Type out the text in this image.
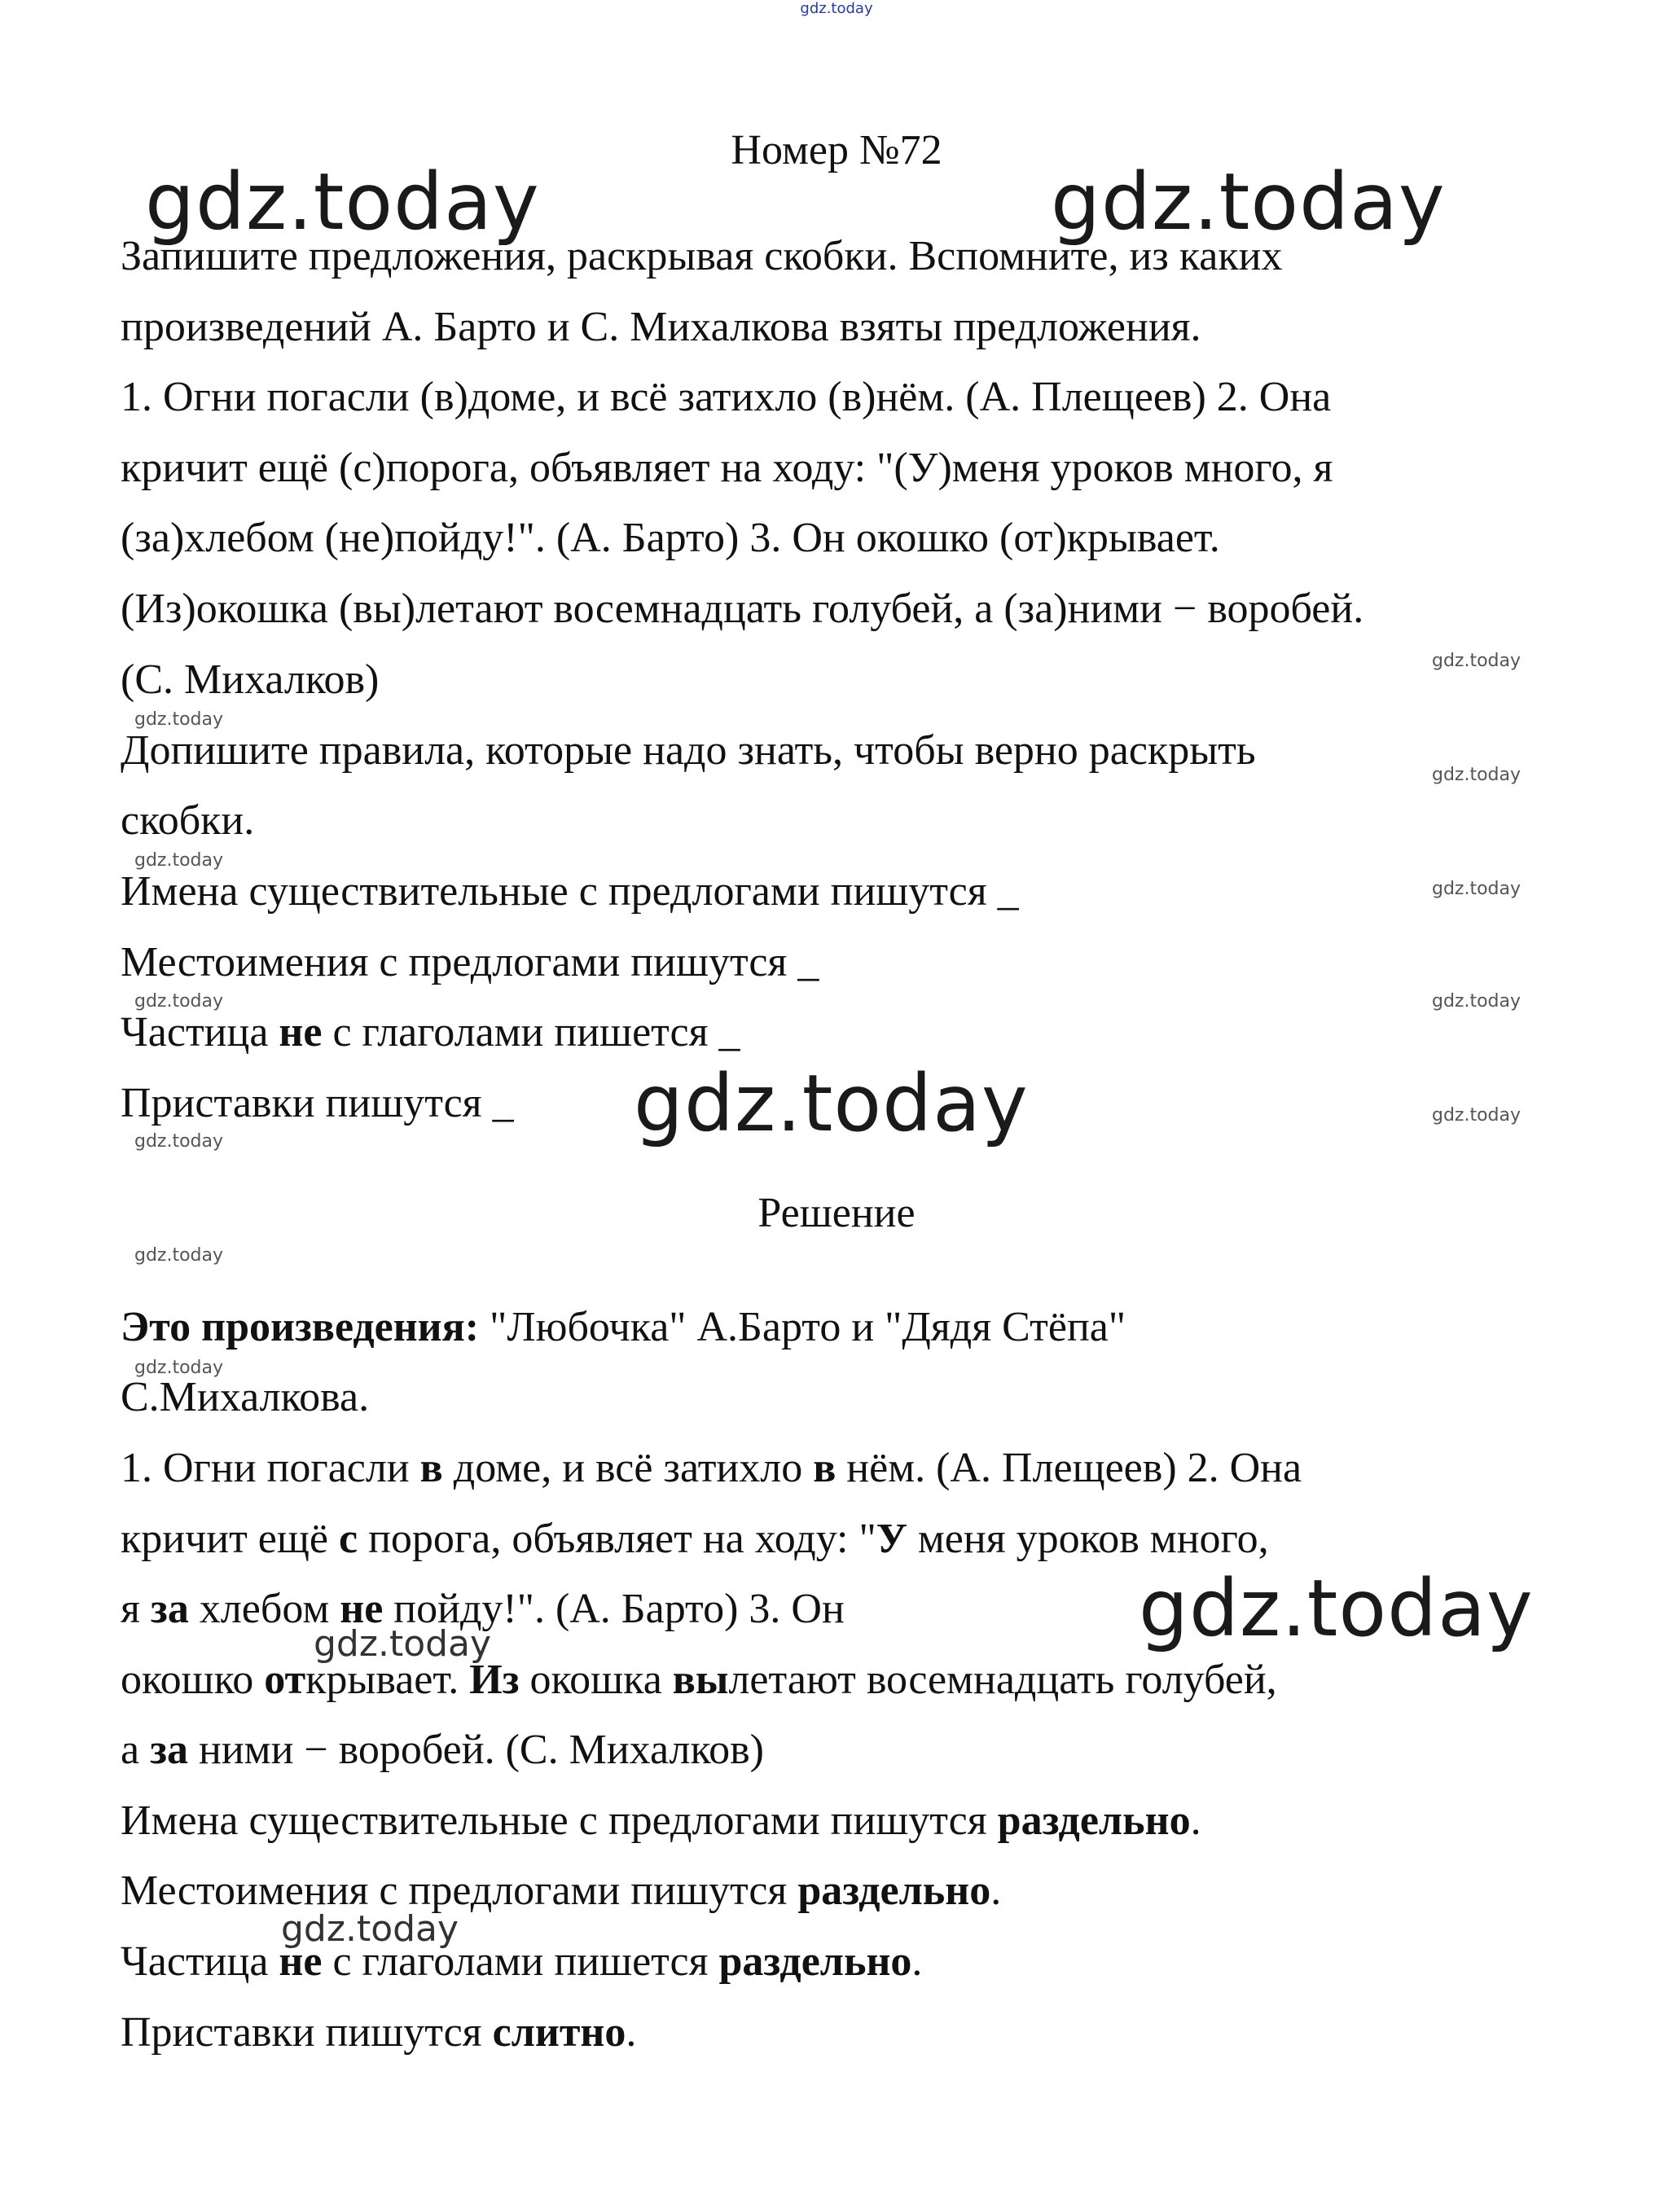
gdz.today

Номер №72

gdz.today	gdz.today

Запишите предложения, раскрывая скобки. Вспомните, из каких

произведений А. Барто и С. Михалкова взяты предложения.

1. Огни погасли (в)доме, и всё затихло (в)нём. (А. Плещеев) 2. Она

кричит ещё (с)порога, объявляет на ходу: "(У)меня уроков много, я

(за)хлебом (не)пойду!". (А. Барто) 3. Он окошко (от)крывает.

(Из)окошка (вы)летают восемнадцать голубей, а (за)ними − воробей.

gdz.today

(С. Михалков)

gdz.today

Допишите правила, которые надо знать, чтобы верно раскрыть

gdz.today

скобки.

gdz.today

Имена существительные с предлогами пишутся _	gdz.today

Местоимения с предлогами пишутся _

gdz.today	gdz.today

Частица не с глаголами пишется _

gdz.today

Приставки пишутся _	gdz.today
gdz.today

Решение

gdz.today

Это произведения: "Любочка" А.Барто и "Дядя Стёпа"

gdz.today

С.Михалкова.

1. Огни погасли в доме, и всё затихло в нём. (А. Плещеев) 2. Она

кричит ещё с порога, объявляет на ходу: "У меня уроков много,

я за хлебом не пойду!". (А. Барто) 3. Он	gdz.today
gdz.today

окошко открывает. Из окошка вылетают восемнадцать голубей,

а за ними − воробей. (С. Михалков)

Имена существительные с предлогами пишутся раздельно.

Местоимения с предлогами пишутся раздельно.

gdz.today

Частица не с глаголами пишется раздельно.

Приставки пишутся слитно.
